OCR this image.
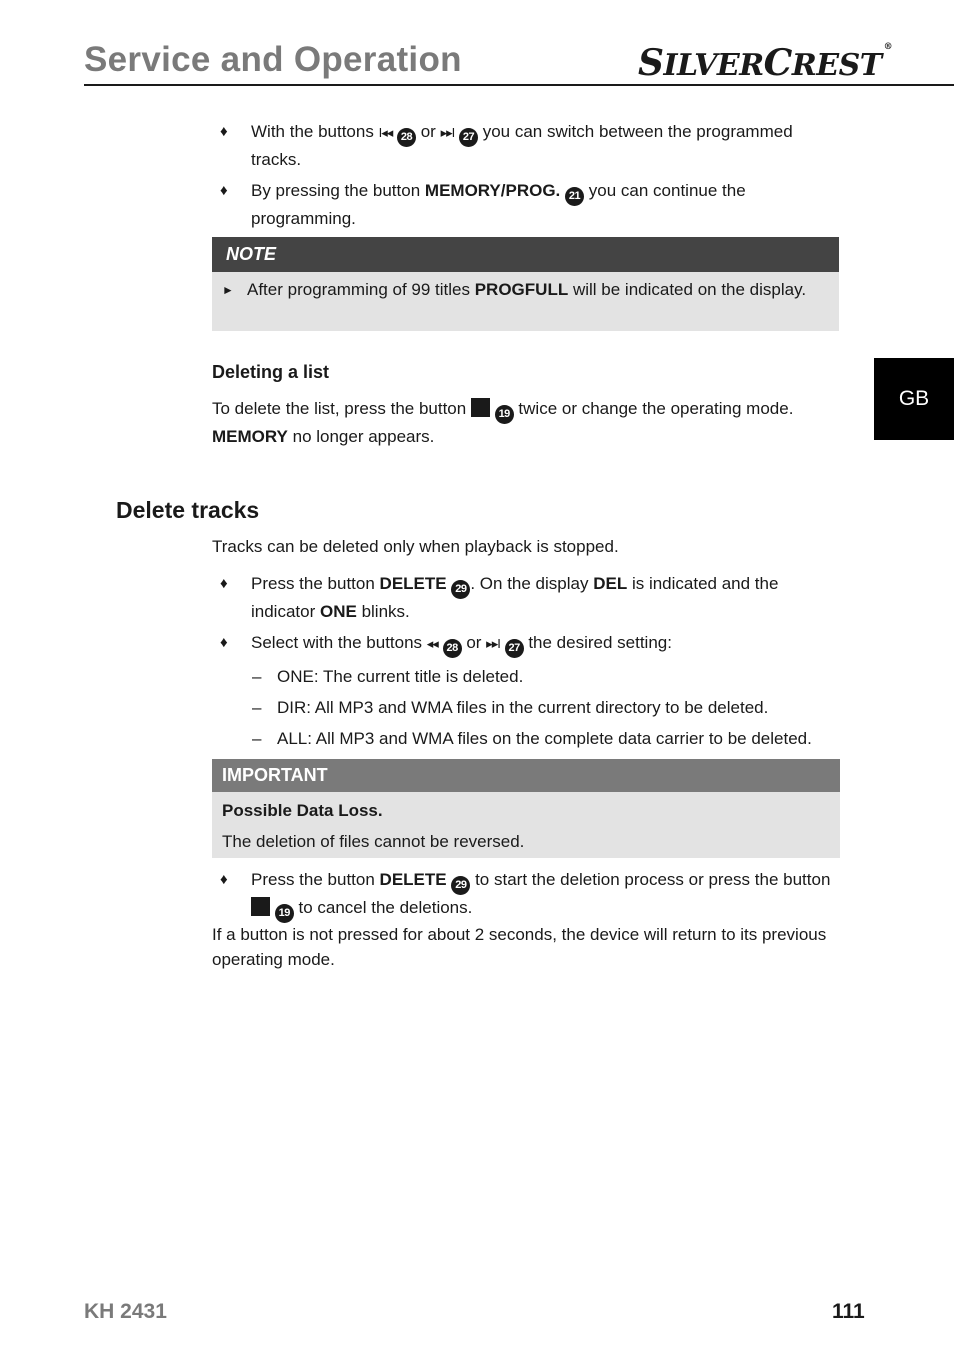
Service and Operation	SILVERCREST®
GB
♦ With the buttons I◂◂ 28 or ▸▸I 27 you can switch between the programmed tracks.
♦ By pressing the button MEMORY/PROG. 21 you can continue the programming.
NOTE
► After programming of 99 titles PROGFULL will be indicated on the display.
Deleting a list
To delete the list, press the button	19 twice or change the operating mode.
MEMORY no longer appears.
Delete tracks
Tracks can be deleted only when playback is stopped.
♦ Press the button DELETE 29 . On the display DEL is indicated and the indicator ONE blinks.
♦ Select with the buttons ◂◂ 28 or ▸▸I 27 the desired setting:
– ONE: The current title is deleted.
– DIR: All MP3 and WMA files in the current directory to be deleted.
– ALL: All MP3 and WMA files on the complete data carrier to be deleted.
IMPORTANT
Possible Data Loss.
The deletion of files cannot be reversed.
♦ Press the button DELETE 29 to start the deletion process or press the button
19 to cancel the deletions.
If a button is not pressed for about 2 seconds, the device will return to its previous operating mode.
KH 2431	111
